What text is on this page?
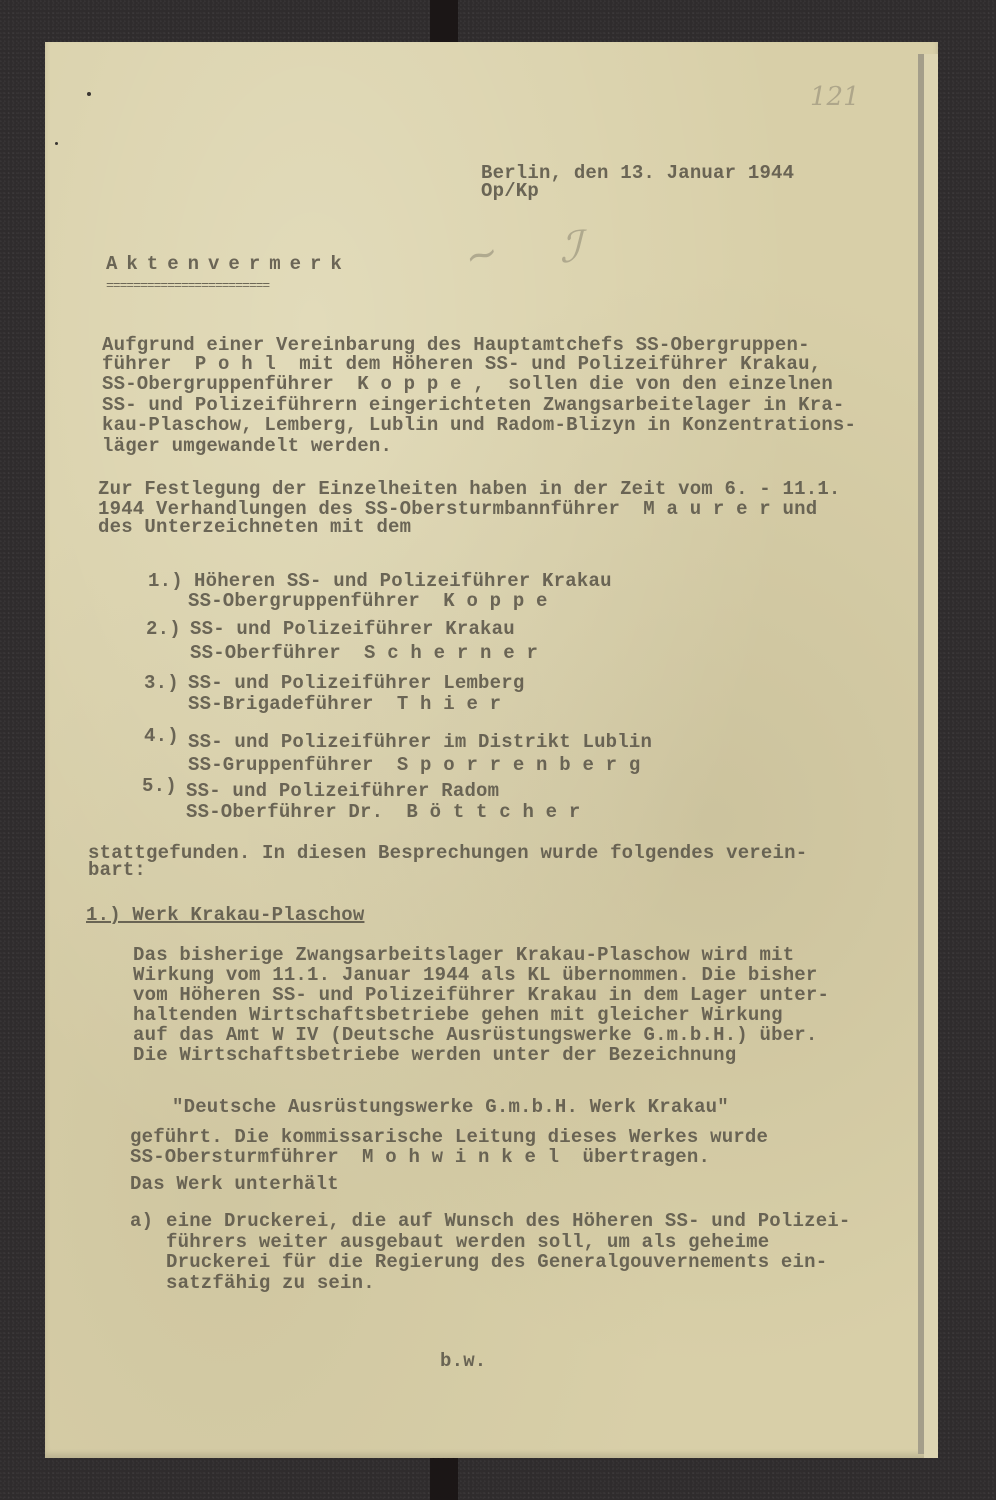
121
~ ℐ
Berlin, den 13. Januar 1944
Op/Kp
Aktenvermerk
========================
Aufgrund einer Vereinbarung des Hauptamtchefs SS-Obergruppen-
führer  P o h l  mit dem Höheren SS- und Polizeiführer Krakau,
SS-Obergruppenführer  K o p p e ,  sollen die von den einzelnen
SS- und Polizeiführern eingerichteten Zwangsarbeitelager in Kra-
kau-Plaschow, Lemberg, Lublin und Radom-Blizyn in Konzentrations-
läger umgewandelt werden.
Zur Festlegung der Einzelheiten haben in der Zeit vom 6. - 11.1.
1944 Verhandlungen des SS-Obersturmbannführer  M a u r e r und
des Unterzeichneten mit dem
1.) Höheren SS- und Polizeiführer Krakau
SS-Obergruppenführer  K o p p e
2.) SS- und Polizeiführer Krakau
SS-Oberführer  S c h e r n e r
3.) SS- und Polizeiführer Lemberg
SS-Brigadeführer  T h i e r
4.) SS- und Polizeiführer im Distrikt Lublin
SS-Gruppenführer  S p o r r e n b e r g
5.) SS- und Polizeiführer Radom
SS-Oberführer Dr.  B ö t t c h e r
stattgefunden. In diesen Besprechungen wurde folgendes verein-
bart:
1.) Werk Krakau-Plaschow
Das bisherige Zwangsarbeitslager Krakau-Plaschow wird mit
Wirkung vom 11.1. Januar 1944 als KL übernommen. Die bisher
vom Höheren SS- und Polizeiführer Krakau in dem Lager unter-
haltenden Wirtschaftsbetriebe gehen mit gleicher Wirkung
auf das Amt W IV (Deutsche Ausrüstungswerke G.m.b.H.) über.
Die Wirtschaftsbetriebe werden unter der Bezeichnung
"Deutsche Ausrüstungswerke G.m.b.H. Werk Krakau"
geführt. Die kommissarische Leitung dieses Werkes wurde
SS-Obersturmführer  M o h w i n k e l  übertragen.
Das Werk unterhält
a) eine Druckerei, die auf Wunsch des Höheren SS- und Polizei-
führers weiter ausgebaut werden soll, um als geheime
Druckerei für die Regierung des Generalgouvernements ein-
satzfähig zu sein.
b.w.
